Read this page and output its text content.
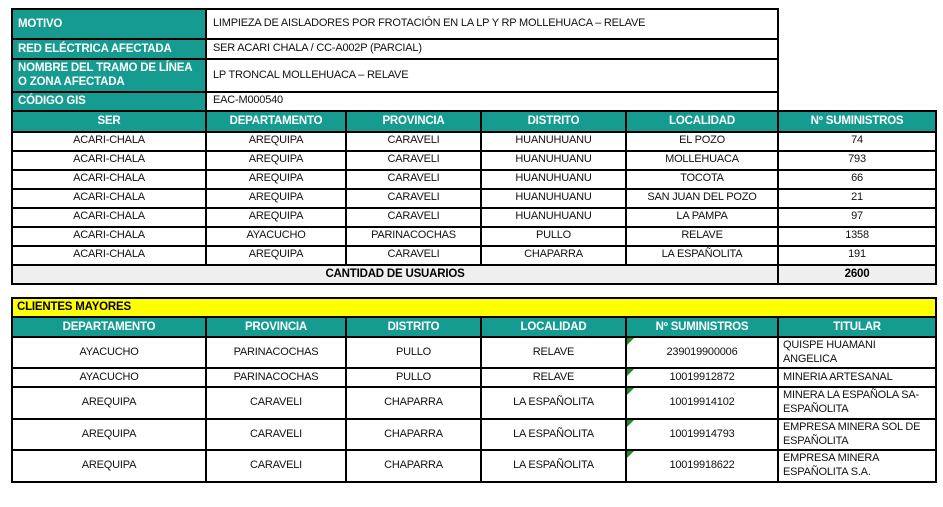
MOTIVO	LIMPIEZA DE AISLADORES POR FROTACIÓN EN LA LP Y RP MOLLEHUACA – RELAVE				
RED ELÉCTRICA AFECTADA	SER ACARI CHALA / CC-A002P (PARCIAL)				
NOMBRE DEL TRAMO DE LÍNEA O ZONA AFECTADA	LP TRONCAL MOLLEHUACA – RELAVE				
CÓDIGO GIS	EAC-M000540				
SER	DEPARTAMENTO	PROVINCIA	DISTRITO	LOCALIDAD	Nº SUMINISTROS
ACARI-CHALA	AREQUIPA	CARAVELI	HUANUHUANU	EL POZO	74
ACARI-CHALA	AREQUIPA	CARAVELI	HUANUHUANU	MOLLEHUACA	793
ACARI-CHALA	AREQUIPA	CARAVELI	HUANUHUANU	TOCOTA	66
ACARI-CHALA	AREQUIPA	CARAVELI	HUANUHUANU	SAN JUAN DEL POZO	21
ACARI-CHALA	AREQUIPA	CARAVELI	HUANUHUANU	LA PAMPA	97
ACARI-CHALA	AYACUCHO	PARINACOCHAS	PULLO	RELAVE	1358
ACARI-CHALA	AREQUIPA	CARAVELI	CHAPARRA	LA ESPAÑOLITA	191
CANTIDAD DE USUARIOS					2600
CLIENTES MAYORES					
DEPARTAMENTO	PROVINCIA	DISTRITO	LOCALIDAD	Nº SUMINISTROS	TITULAR
AYACUCHO	PARINACOCHAS	PULLO	RELAVE	239019900006	QUISPE HUAMANI ANGELICA
AYACUCHO	PARINACOCHAS	PULLO	RELAVE	10019912872	MINERIA ARTESANAL
AREQUIPA	CARAVELI	CHAPARRA	LA ESPAÑOLITA	10019914102	MINERA LA ESPAÑOLA SA-ESPAÑOLITA
AREQUIPA	CARAVELI	CHAPARRA	LA ESPAÑOLITA	10019914793	EMPRESA MINERA SOL DE ESPAÑOLITA
AREQUIPA	CARAVELI	CHAPARRA	LA ESPAÑOLITA	10019918622	EMPRESA MINERA ESPAÑOLITA S.A.
